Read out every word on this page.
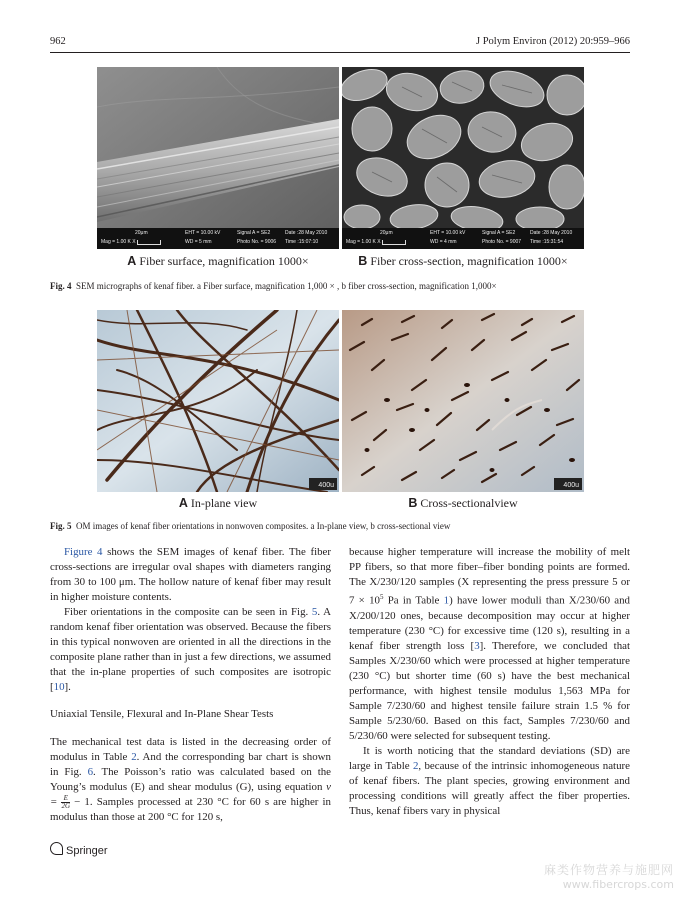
962	J Polym Environ (2012) 20:959–966
20μm	EHT = 10.00 kV	Signal A = SE2	Date :28 May 2010
Mag = 1.00 K X	WD = 5 mm	Photo No. = 9006 Time :15:07:10
20μm	EHT = 10.00 kV	Signal A = SE2	Date :28 May 2010
Mag = 1.00 K X	WD = 4 mm	Photo No. = 9007 Time :15:31:54
A Fiber surface, magnification 1000×	B Fiber cross-section, magnification 1000×
Fig. 4 SEM micrographs of kenaf fiber. a Fiber surface, magnification 1,000 × , b fiber cross-section, magnification 1,000×
400u	400u
A In-plane view	B Cross-sectionalview
Fig. 5 OM images of kenaf fiber orientations in nonwoven composites. a In-plane view, b cross-sectional view

Figure 4 shows the SEM images of kenaf fiber. The fiber cross-sections are irregular oval shapes with diameters ranging from 30 to 100 μm. The hollow nature of kenaf fiber may result in higher moisture contents.

Fiber orientations in the composite can be seen in Fig. 5. A random kenaf fiber orientation was observed. Because the fibers in this typical nonwoven are oriented in all the directions in the composite plane rather than in just a few directions, we assumed that the in-plane properties of such composites are isotropic [10].

Uniaxial Tensile, Flexural and In-Plane Shear Tests

The mechanical test data is listed in the decreasing order of modulus in Table 2. And the corresponding bar chart is shown in Fig. 6. The Poisson’s ratio was calculated based on the Young’s modulus (E) and shear modulus (G), using equation $\nu = \frac{E}{2G} - 1$. Samples processed at 230 °C for 60 s are higher in modulus than those at 200 °C for 120 s,

because higher temperature will increase the mobility of melt PP fibers, so that more fiber–fiber bonding points are formed. The X/230/120 samples (X representing the press pressure 5 or $7 \times 10^5$ Pa in Table 1) have lower moduli than X/230/60 and X/200/120 ones, because decomposition may occur at higher temperature (230 °C) for excessive time (120 s), resulting in a kenaf fiber strength loss [3]. Therefore, we concluded that Samples X/230/60 which were processed at higher temperature (230 °C) but shorter time (60 s) have the best mechanical performance, with highest tensile modulus 1,563 MPa for Sample 7/230/60 and highest tensile failure strain 1.5 % for Sample 5/230/60. Based on this fact, Samples 7/230/60 and 5/230/60 were selected for subsequent testing.

It is worth noticing that the standard deviations (SD) are large in Table 2, because of the intrinsic inhomogeneous nature of kenaf fibers. The plant species, growing environment and processing conditions will greatly affect the fiber properties. Thus, kenaf fibers vary in physical

Springer
麻类作物营养与施肥网
www.fibercrops.com
